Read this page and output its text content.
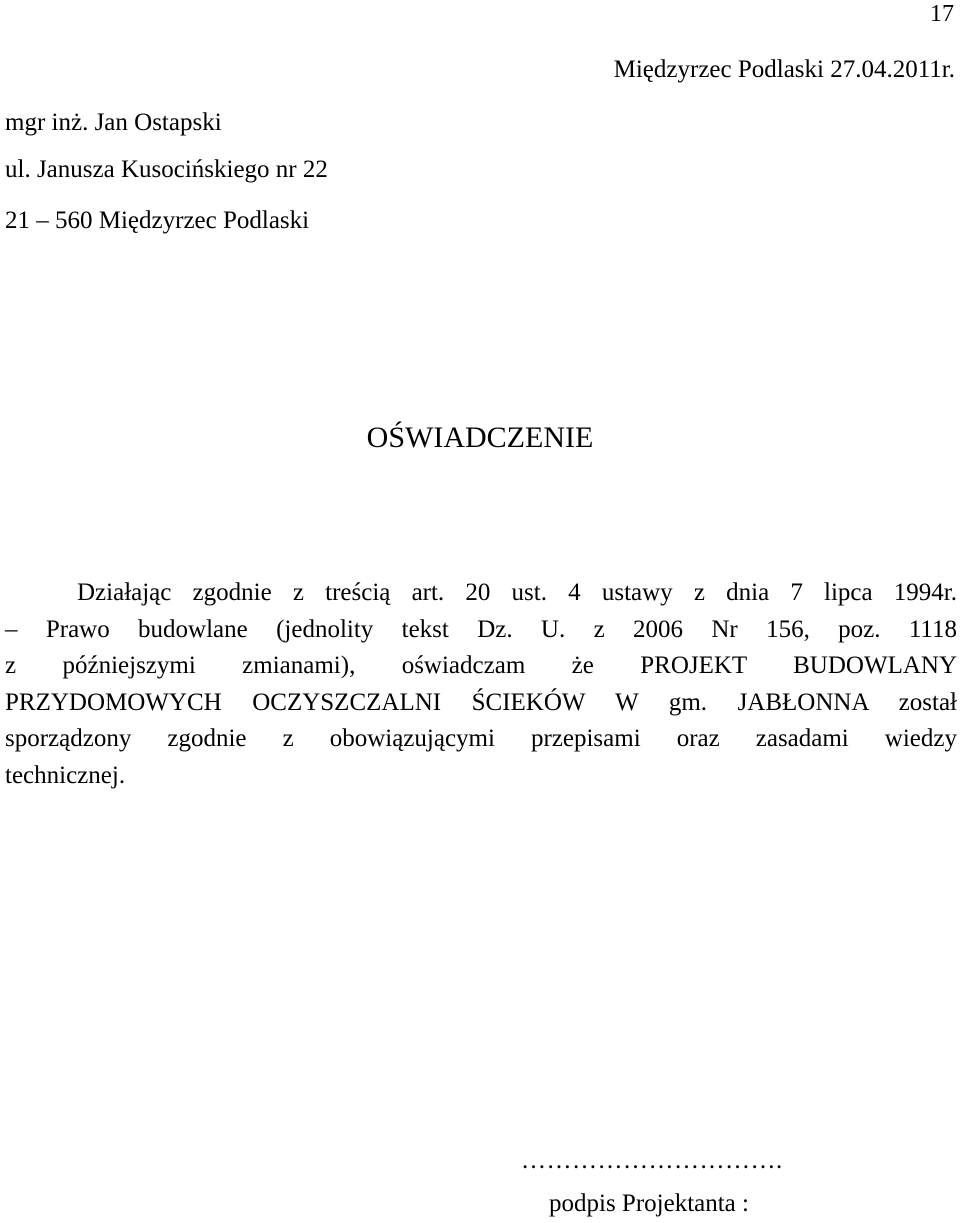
17
Międzyrzec Podlaski 27.04.2011r.
mgr inż. Jan Ostapski
ul. Janusza Kusocińskiego nr 22
21 – 560 Międzyrzec Podlaski
OŚWIADCZENIE
Działając zgodnie z treścią art. 20 ust. 4 ustawy z dnia 7 lipca 1994r.
– Prawo budowlane (jednolity tekst Dz. U. z 2006 Nr 156, poz. 1118
z późniejszymi zmianami), oświadczam że PROJEKT BUDOWLANY
PRZYDOMOWYCH OCZYSZCZALNI ŚCIEKÓW W gm. JABŁONNA został
sporządzony zgodnie z obowiązującymi przepisami oraz zasadami wiedzy
technicznej.
………………………….
podpis Projektanta :
